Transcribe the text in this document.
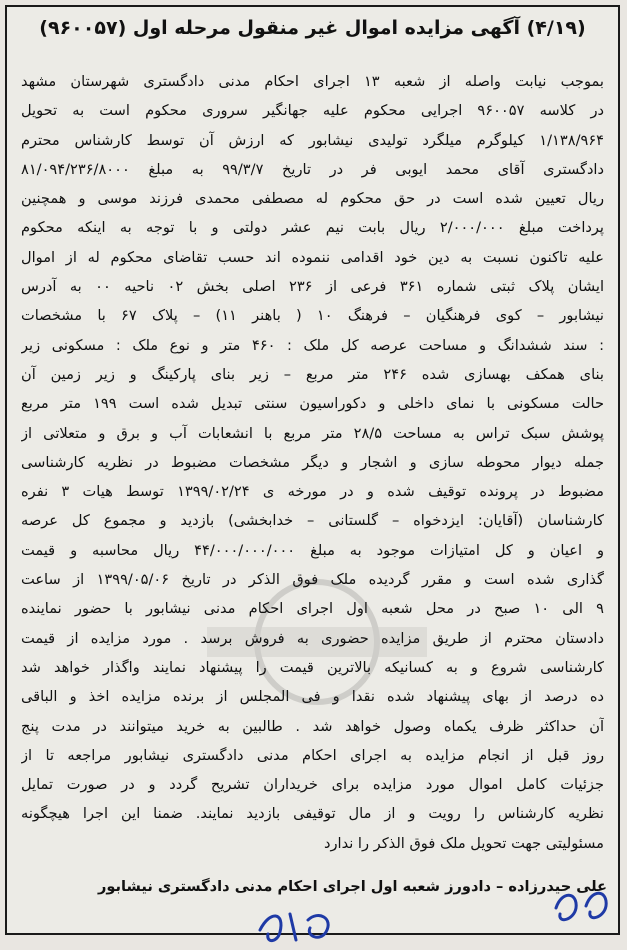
(۴/۱۹) آگهی مزایده اموال غیر منقول مرحله اول (۹۶۰۰۵۷)
بموجب نیابت واصله از شعبه ۱۳ اجرای احکام مدنی دادگستری شهرستان مشهد
در کلاسه ۹۶۰۰۵۷ اجرایی محکوم علیه جهانگیر سروری محکوم است به تحویل
۱/۱۳۸/۹۶۴ کیلوگرم میلگرد تولیدی نیشابور که ارزش آن توسط کارشناس محترم
دادگستری آقای محمد ایوبی فر در تاریخ ۹۹/۳/۷ به مبلغ ۸۱/۰۹۴/۲۳۶/۸۰۰۰
ریال تعیین شده است در حق محکوم له مصطفی محمدی فرزند موسی و همچنین
پرداخت مبلغ ۲/۰۰۰/۰۰۰ ریال بابت نیم عشر دولتی و با توجه به اینکه محکوم
علیه تاکنون نسبت به دین خود اقدامی ننموده اند حسب تقاضای محکوم له از اموال
ایشان پلاک ثبتی شماره ۳۶۱ فرعی از ۲۳۶ اصلی بخش ۰۲ ناحیه ۰۰ به آدرس
نیشابور – کوی فرهنگیان – فرهنگ ۱۰ ( باهنر ۱۱) – پلاک ۶۷ با مشخصات
: سند ششدانگ و مساحت عرصه کل ملک : ۴۶۰ متر و نوع ملک : مسکونی زیر
بنای همکف بهسازی شده ۲۴۶ متر مربع – زیر بنای پارکینگ و زیر زمین آن
حالت مسکونی با نمای داخلی و دکوراسیون سنتی تبدیل شده است ۱۹۹ متر مربع
پوشش سبک تراس به مساحت ۲۸/۵ متر مربع با انشعابات آب و برق و متعلاتی از
جمله دیوار محوطه سازی و اشجار و دیگر مشخصات مضبوط در نظریه کارشناسی
مضبوط در پرونده توقیف شده و در مورخه ی ۱۳۹۹/۰۲/۲۴ توسط هیات ۳ نفره
کارشناسان (آقایان: ایزدخواه – گلستانی – خدابخشی) بازدید و مجموع کل عرصه
و اعیان و کل امتیازات موجود به مبلغ ۴۴/۰۰۰/۰۰۰/۰۰۰ ریال محاسبه و قیمت
گذاری شده است و مقرر گردیده ملک فوق الذکر در تاریخ ۱۳۹۹/۰۵/۰۶ از ساعت
۹ الی ۱۰ صبح در محل شعبه اول اجرای احکام مدنی نیشابور با حضور نماینده
دادستان محترم از طریق مزایده حضوری به فروش برسد . مورد مزایده از قیمت
کارشناسی شروع و به کسانیکه بالاترین قیمت را پیشنهاد نمایند واگذار خواهد شد
ده درصد از بهای پیشنهاد شده نقدا و فی المجلس از برنده مزایده اخذ و الباقی
آن حداکثر ظرف یکماه وصول خواهد شد . طالبین به خرید میتوانند در مدت پنج
روز قبل از انجام مزایده به اجرای احکام مدنی دادگستری نیشابور مراجعه تا از
جزئیات کامل اموال مورد مزایده برای خریداران تشریح گردد و در صورت تمایل
نظریه کارشناس را رویت و از مال توقیفی بازدید نمایند. ضمنا این اجرا هیچگونه
مسئولیتی جهت تحویل ملک فوق الذکر را ندارد
علی حیدرزاده – دادورز شعبه اول اجرای احکام مدنی دادگستری نیشابور
